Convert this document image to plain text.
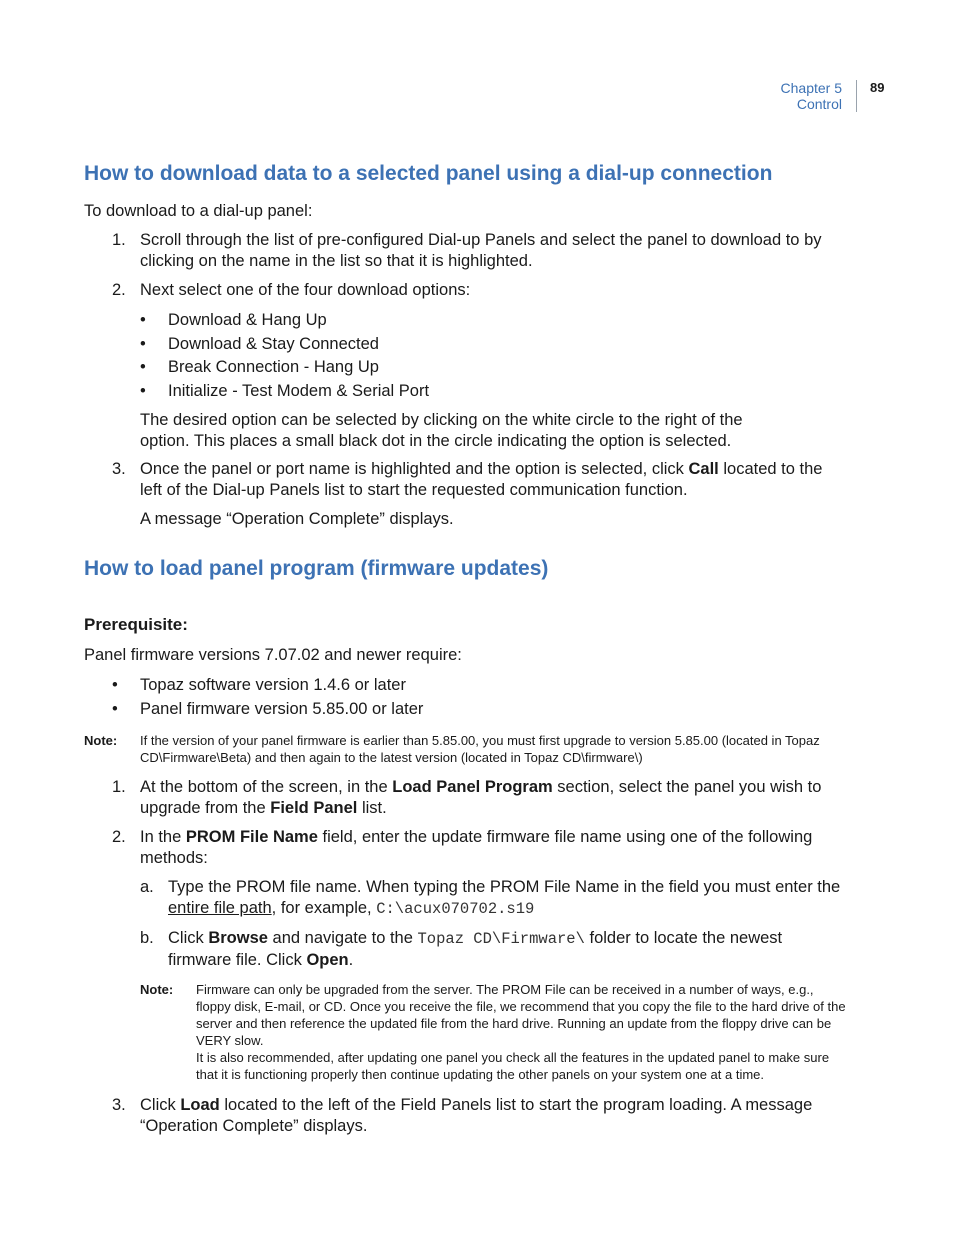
Chapter 5
Control
89
How to download data to a selected panel using a dial-up connection
To download to a dial-up panel:
1. Scroll through the list of pre-configured Dial-up Panels and select the panel to download to by clicking on the name in the list so that it is highlighted.
2. Next select one of the four download options:
• Download & Hang Up
• Download & Stay Connected
• Break Connection - Hang Up
• Initialize - Test Modem & Serial Port
The desired option can be selected by clicking on the white circle to the right of the option. This places a small black dot in the circle indicating the option is selected.
3. Once the panel or port name is highlighted and the option is selected, click Call located to the left of the Dial-up Panels list to start the requested communication function.
A message “Operation Complete” displays.
How to load panel program (firmware updates)
Prerequisite:
Panel firmware versions 7.07.02 and newer require:
• Topaz software version 1.4.6 or later
• Panel firmware version 5.85.00 or later
Note: If the version of your panel firmware is earlier than 5.85.00, you must first upgrade to version 5.85.00 (located in Topaz CD\Firmware\Beta) and then again to the latest version (located in Topaz CD\firmware\)
1. At the bottom of the screen, in the Load Panel Program section, select the panel you wish to upgrade from the Field Panel list.
2. In the PROM File Name field, enter the update firmware file name using one of the following methods:
a. Type the PROM file name. When typing the PROM File Name in the field you must enter the entire file path, for example, C:\acux070702.s19
b. Click Browse and navigate to the Topaz CD\Firmware\ folder to locate the newest firmware file. Click Open.
Note: Firmware can only be upgraded from the server. The PROM File can be received in a number of ways, e.g., floppy disk, E-mail, or CD. Once you receive the file, we recommend that you copy the file to the hard drive of the server and then reference the updated file from the hard drive. Running an update from the floppy drive can be VERY slow.
It is also recommended, after updating one panel you check all the features in the updated panel to make sure that it is functioning properly then continue updating the other panels on your system one at a time.
3. Click Load located to the left of the Field Panels list to start the program loading. A message “Operation Complete” displays.
